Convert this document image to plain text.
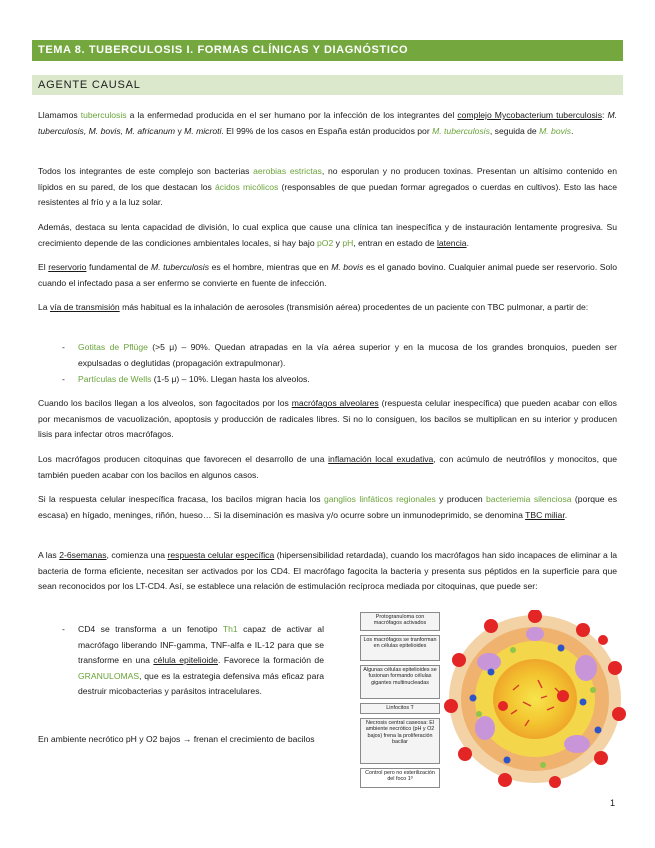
TEMA 8. TUBERCULOSIS I. FORMAS CLÍNICAS Y DIAGNÓSTICO
AGENTE CAUSAL

Llamamos tuberculosis a la enfermedad producida en el ser humano por la infección de los integrantes del complejo Mycobacterium tuberculosis: M. tuberculosis, M. bovis, M. africanum y M. microti. El 99% de los casos en España están producidos por M. tuberculosis, seguida de M. bovis.

Todos los integrantes de este complejo son bacterias aerobias estrictas, no esporulan y no producen toxinas. Presentan un altísimo contenido en lípidos en su pared, de los que destacan los ácidos micólicos (responsables de que puedan formar agregados o cuerdas en cultivos). Esto las hace resistentes al frío y a la luz solar.

Además, destaca su lenta capacidad de división, lo cual explica que cause una clínica tan inespecífica y de instauración lentamente progresiva. Su crecimiento depende de las condiciones ambientales locales, si hay bajo pO2 y pH, entran en estado de latencia.

El reservorio fundamental de M. tuberculosis es el hombre, mientras que en M. bovis es el ganado bovino. Cualquier animal puede ser reservorio. Solo cuando el infectado pasa a ser enfermo se convierte en fuente de infección.

La vía de transmisión más habitual es la inhalación de aerosoles (transmisión aérea) procedentes de un paciente con TBC pulmonar, a partir de:

- Gotitas de Pflüge (>5 μ) – 90%. Quedan atrapadas en la vía aérea superior y en la mucosa de los grandes bronquios, pueden ser expulsadas o deglutidas (propagación extrapulmonar).

- Partículas de Wells (1-5 μ) – 10%. Llegan hasta los alveolos.

Cuando los bacilos llegan a los alveolos, son fagocitados por los macrófagos alveolares (respuesta celular inespecífica) que pueden acabar con ellos por mecanismos de vacuolización, apoptosis y producción de radicales libres. Si no lo consiguen, los bacilos se multiplican en su interior y producen lisis para infectar otros macrófagos.

Los macrófagos producen citoquinas que favorecen el desarrollo de una inflamación local exudativa, con acúmulo de neutrófilos y monocitos, que también pueden acabar con los bacilos en algunos casos.

Si la respuesta celular inespecífica fracasa, los bacilos migran hacia los ganglios linfáticos regionales y producen bacteriemia silenciosa (porque es escasa) en hígado, meninges, riñón, hueso… Si la diseminación es masiva y/o ocurre sobre un inmunodeprimido, se denomina TBC miliar.

A las 2-6semanas, comienza una respuesta celular específica (hipersensibilidad retardada), cuando los macrófagos han sido incapaces de eliminar a la bacteria de forma eficiente, necesitan ser activados por los CD4. El macrófago fagocita la bacteria y presenta sus péptidos en la superficie para que sean reconocidos por los LT-CD4. Así, se establece una relación de estimulación recíproca mediada por citoquinas, que puede ser:

- CD4 se transforma a un fenotipo Th1 capaz de activar al macrófago liberando INF-gamma, TNF-alfa e IL-12 para que se transforme en una célula epitelioide. Favorece la formación de GRANULOMAS, que es la estrategia defensiva más eficaz para destruir micobacterias y parásitos intracelulares.

En ambiente necrótico pH y O2 bajos → frenan el crecimiento de bacilos

Protogranuloma con macrófagos activados
Los macrófagos se tranforman en células epitelioides
Algunas células epitelioides se fusionan formando células gigantes multinucleadas
Linfocitos T
Necrosis central caseosa: El ambiente necrótico (pH y O2 bajos) frena la proliferación bacilar
Control pero no esterilización del foco 1º
1
